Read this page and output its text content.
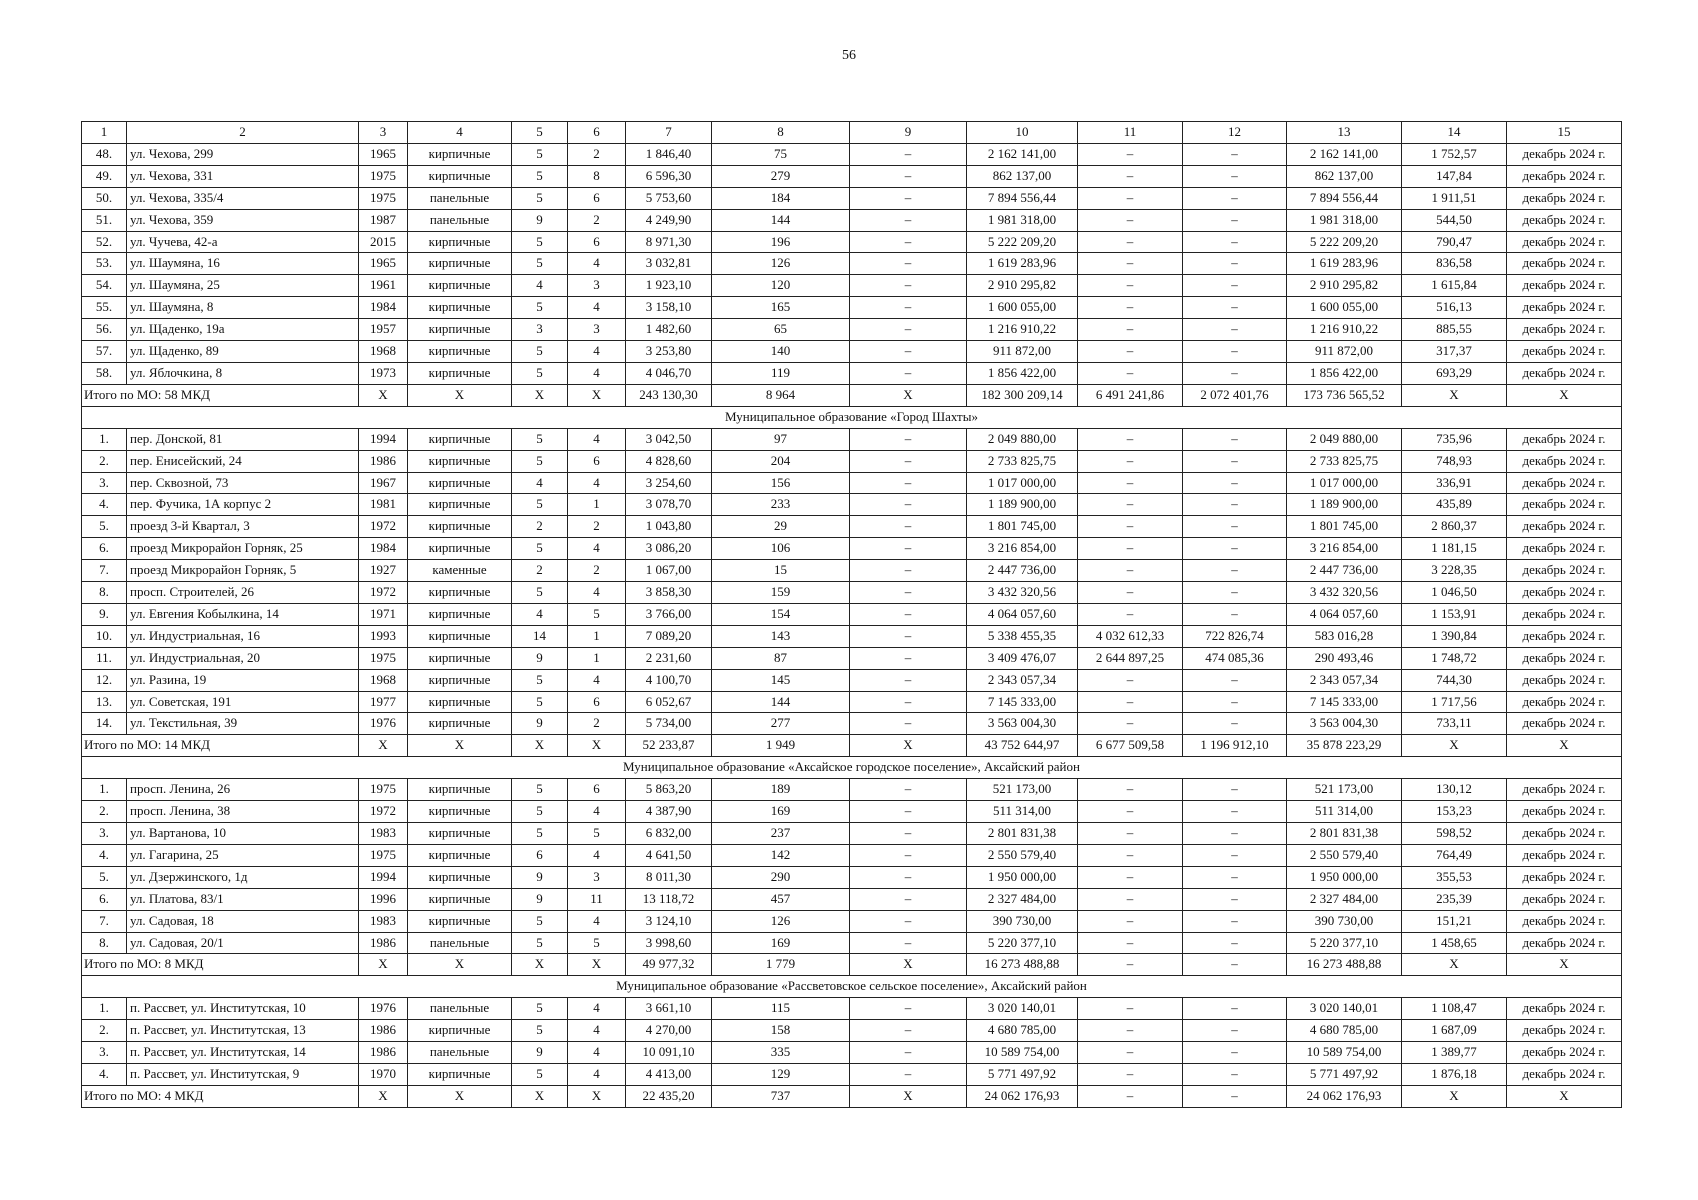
56
1	2	3	4	5	6	7	8	9	10	11	12	13	14	15
48.	ул. Чехова, 299	1965	кирпичные	5	2	1 846,40	75	–	2 162 141,00	–	–	2 162 141,00	1 752,57	декабрь 2024 г.
49.	ул. Чехова, 331	1975	кирпичные	5	8	6 596,30	279	–	862 137,00	–	–	862 137,00	147,84	декабрь 2024 г.
50.	ул. Чехова, 335/4	1975	панельные	5	6	5 753,60	184	–	7 894 556,44	–	–	7 894 556,44	1 911,51	декабрь 2024 г.
51.	ул. Чехова, 359	1987	панельные	9	2	4 249,90	144	–	1 981 318,00	–	–	1 981 318,00	544,50	декабрь 2024 г.
52.	ул. Чучева, 42-а	2015	кирпичные	5	6	8 971,30	196	–	5 222 209,20	–	–	5 222 209,20	790,47	декабрь 2024 г.
53.	ул. Шаумяна, 16	1965	кирпичные	5	4	3 032,81	126	–	1 619 283,96	–	–	1 619 283,96	836,58	декабрь 2024 г.
54.	ул. Шаумяна, 25	1961	кирпичные	4	3	1 923,10	120	–	2 910 295,82	–	–	2 910 295,82	1 615,84	декабрь 2024 г.
55.	ул. Шаумяна, 8	1984	кирпичные	5	4	3 158,10	165	–	1 600 055,00	–	–	1 600 055,00	516,13	декабрь 2024 г.
56.	ул. Щаденко, 19а	1957	кирпичные	3	3	1 482,60	65	–	1 216 910,22	–	–	1 216 910,22	885,55	декабрь 2024 г.
57.	ул. Щаденко, 89	1968	кирпичные	5	4	3 253,80	140	–	911 872,00	–	–	911 872,00	317,37	декабрь 2024 г.
58.	ул. Яблочкина, 8	1973	кирпичные	5	4	4 046,70	119	–	1 856 422,00	–	–	1 856 422,00	693,29	декабрь 2024 г.
Итого по МО: 58 МКД		X	X	X	X	243 130,30	8 964	X	182 300 209,14	6 491 241,86	2 072 401,76	173 736 565,52	X	X
Муниципальное образование «Город Шахты»														
1.	пер. Донской, 81	1994	кирпичные	5	4	3 042,50	97	–	2 049 880,00	–	–	2 049 880,00	735,96	декабрь 2024 г.
2.	пер. Енисейский, 24	1986	кирпичные	5	6	4 828,60	204	–	2 733 825,75	–	–	2 733 825,75	748,93	декабрь 2024 г.
3.	пер. Сквозной, 73	1967	кирпичные	4	4	3 254,60	156	–	1 017 000,00	–	–	1 017 000,00	336,91	декабрь 2024 г.
4.	пер. Фучика, 1А корпус 2	1981	кирпичные	5	1	3 078,70	233	–	1 189 900,00	–	–	1 189 900,00	435,89	декабрь 2024 г.
5.	проезд 3-й Квартал, 3	1972	кирпичные	2	2	1 043,80	29	–	1 801 745,00	–	–	1 801 745,00	2 860,37	декабрь 2024 г.
6.	проезд Микрорайон Горняк, 25	1984	кирпичные	5	4	3 086,20	106	–	3 216 854,00	–	–	3 216 854,00	1 181,15	декабрь 2024 г.
7.	проезд Микрорайон Горняк, 5	1927	каменные	2	2	1 067,00	15	–	2 447 736,00	–	–	2 447 736,00	3 228,35	декабрь 2024 г.
8.	просп. Строителей, 26	1972	кирпичные	5	4	3 858,30	159	–	3 432 320,56	–	–	3 432 320,56	1 046,50	декабрь 2024 г.
9.	ул. Евгения Кобылкина, 14	1971	кирпичные	4	5	3 766,00	154	–	4 064 057,60	–	–	4 064 057,60	1 153,91	декабрь 2024 г.
10.	ул. Индустриальная, 16	1993	кирпичные	14	1	7 089,20	143	–	5 338 455,35	4 032 612,33	722 826,74	583 016,28	1 390,84	декабрь 2024 г.
11.	ул. Индустриальная, 20	1975	кирпичные	9	1	2 231,60	87	–	3 409 476,07	2 644 897,25	474 085,36	290 493,46	1 748,72	декабрь 2024 г.
12.	ул. Разина, 19	1968	кирпичные	5	4	4 100,70	145	–	2 343 057,34	–	–	2 343 057,34	744,30	декабрь 2024 г.
13.	ул. Советская, 191	1977	кирпичные	5	6	6 052,67	144	–	7 145 333,00	–	–	7 145 333,00	1 717,56	декабрь 2024 г.
14.	ул. Текстильная, 39	1976	кирпичные	9	2	5 734,00	277	–	3 563 004,30	–	–	3 563 004,30	733,11	декабрь 2024 г.
Итого по МО: 14 МКД		X	X	X	X	52 233,87	1 949	X	43 752 644,97	6 677 509,58	1 196 912,10	35 878 223,29	X	X
Муниципальное образование «Аксайское городское поселение», Аксайский район														
1.	просп. Ленина, 26	1975	кирпичные	5	6	5 863,20	189	–	521 173,00	–	–	521 173,00	130,12	декабрь 2024 г.
2.	просп. Ленина, 38	1972	кирпичные	5	4	4 387,90	169	–	511 314,00	–	–	511 314,00	153,23	декабрь 2024 г.
3.	ул. Вартанова, 10	1983	кирпичные	5	5	6 832,00	237	–	2 801 831,38	–	–	2 801 831,38	598,52	декабрь 2024 г.
4.	ул. Гагарина, 25	1975	кирпичные	6	4	4 641,50	142	–	2 550 579,40	–	–	2 550 579,40	764,49	декабрь 2024 г.
5.	ул. Дзержинского, 1д	1994	кирпичные	9	3	8 011,30	290	–	1 950 000,00	–	–	1 950 000,00	355,53	декабрь 2024 г.
6.	ул. Платова, 83/1	1996	кирпичные	9	11	13 118,72	457	–	2 327 484,00	–	–	2 327 484,00	235,39	декабрь 2024 г.
7.	ул. Садовая, 18	1983	кирпичные	5	4	3 124,10	126	–	390 730,00	–	–	390 730,00	151,21	декабрь 2024 г.
8.	ул. Садовая, 20/1	1986	панельные	5	5	3 998,60	169	–	5 220 377,10	–	–	5 220 377,10	1 458,65	декабрь 2024 г.
Итого по МО: 8 МКД		X	X	X	X	49 977,32	1 779	X	16 273 488,88	–	–	16 273 488,88	X	X
Муниципальное образование «Рассветовское сельское поселение», Аксайский район														
1.	п. Рассвет, ул. Институтская, 10	1976	панельные	5	4	3 661,10	115	–	3 020 140,01	–	–	3 020 140,01	1 108,47	декабрь 2024 г.
2.	п. Рассвет, ул. Институтская, 13	1986	кирпичные	5	4	4 270,00	158	–	4 680 785,00	–	–	4 680 785,00	1 687,09	декабрь 2024 г.
3.	п. Рассвет, ул. Институтская, 14	1986	панельные	9	4	10 091,10	335	–	10 589 754,00	–	–	10 589 754,00	1 389,77	декабрь 2024 г.
4.	п. Рассвет, ул. Институтская, 9	1970	кирпичные	5	4	4 413,00	129	–	5 771 497,92	–	–	5 771 497,92	1 876,18	декабрь 2024 г.
Итого по МО: 4 МКД		X	X	X	X	22 435,20	737	X	24 062 176,93	–	–	24 062 176,93	X	X
